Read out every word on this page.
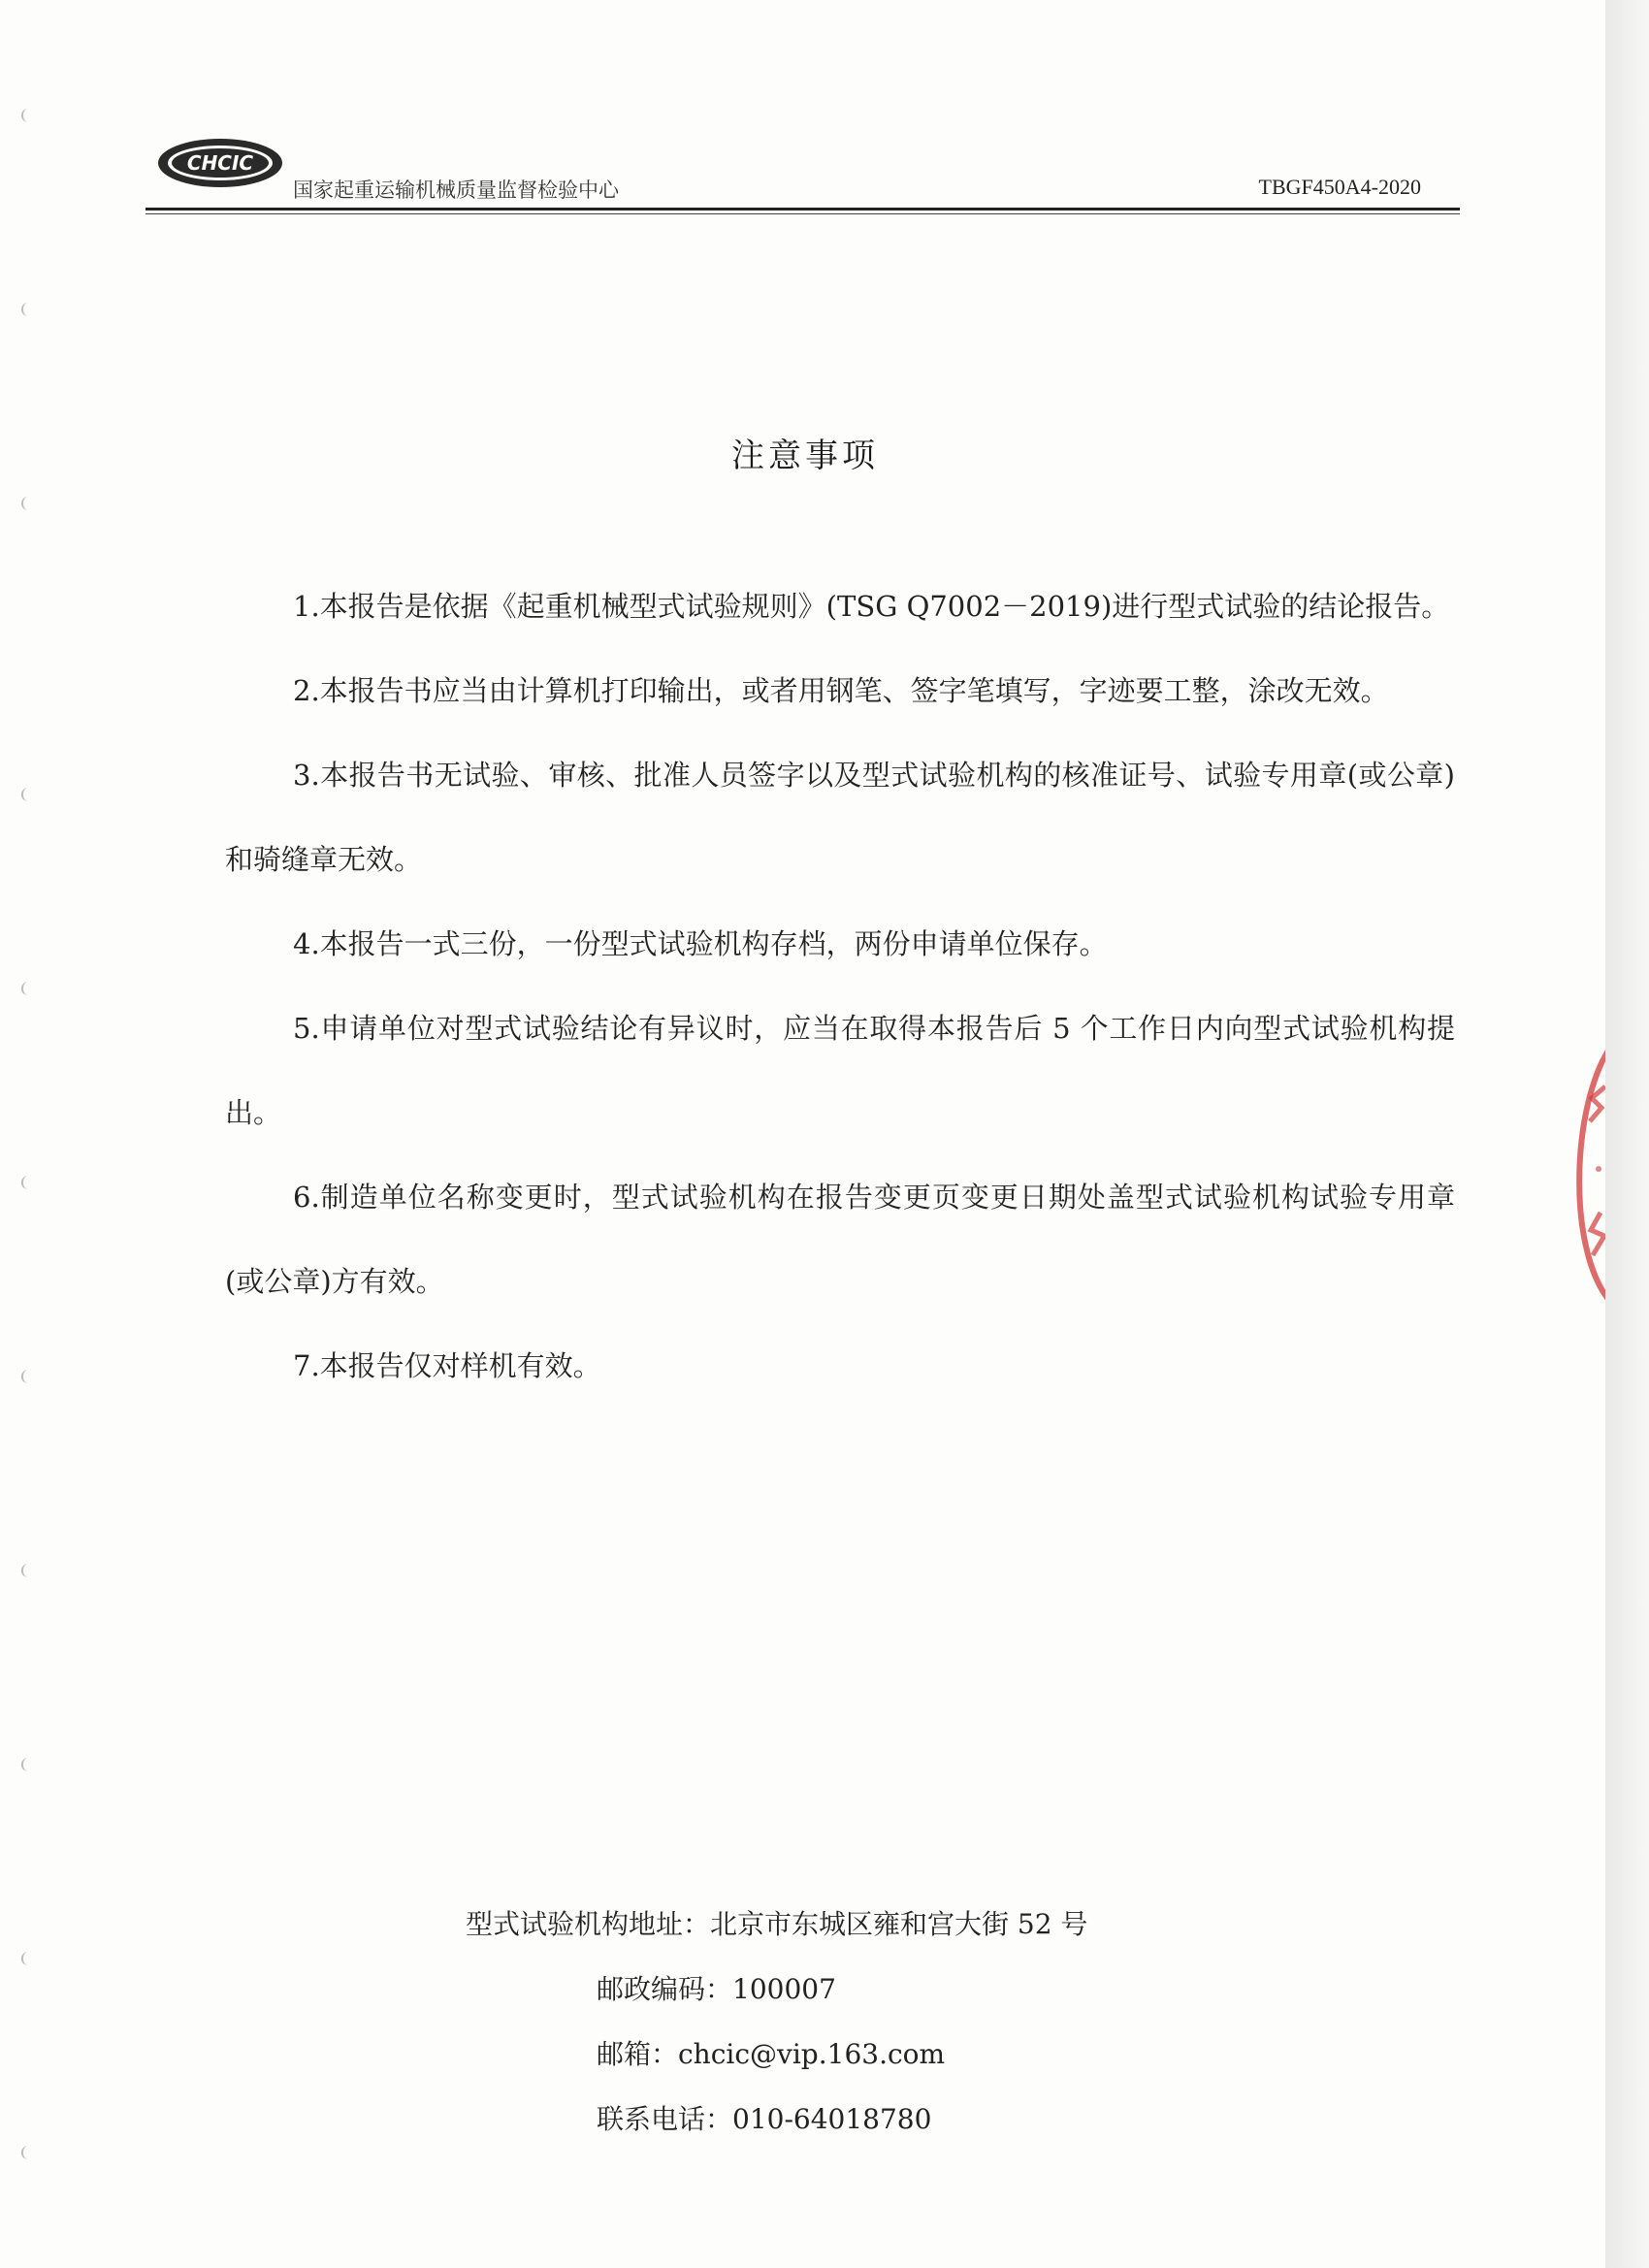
CHCIC
国家起重运输机械质量监督检验中心	TBGF450A4-2020
注意事项

1.本报告是依据《起重机械型式试验规则》(TSG Q7002－2019)进行型式试验的结论报告。

2.本报告书应当由计算机打印输出，或者用钢笔、签字笔填写，字迹要工整，涂改无效。

3.本报告书无试验、审核、批准人员签字以及型式试验机构的核准证号、试验专用章(或公章)和骑缝章无效。

4.本报告一式三份，一份型式试验机构存档，两份申请单位保存。

5.申请单位对型式试验结论有异议时，应当在取得本报告后 5 个工作日内向型式试验机构提出。

6.制造单位名称变更时，型式试验机构在报告变更页变更日期处盖型式试验机构试验专用章(或公章)方有效。

7.本报告仅对样机有效。

型式试验机构地址：北京市东城区雍和宫大街 52 号
邮政编码：100007
邮箱：chcic@vip.163.com
联系电话：010-64018780
